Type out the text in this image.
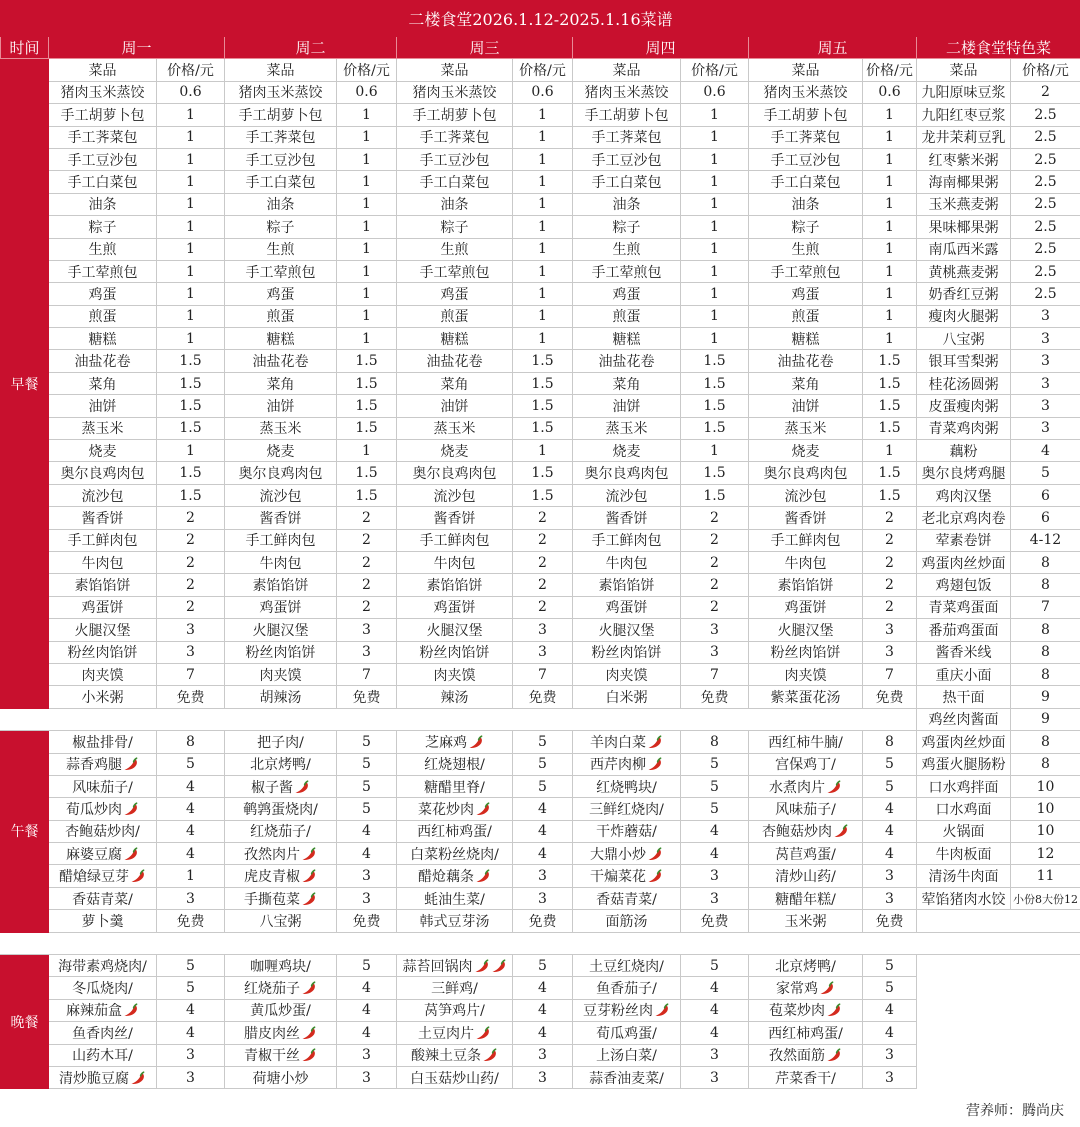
二楼食堂2026.1.12-2025.1.16菜谱												
时间	周一		周二		周三		周四		周五		二楼食堂特色菜	
早餐	菜品	价格/元	菜品	价格/元	菜品	价格/元	菜品	价格/元	菜品	价格/元	菜品	价格/元
	猪肉玉米蒸饺	0.6	猪肉玉米蒸饺	0.6	猪肉玉米蒸饺	0.6	猪肉玉米蒸饺	0.6	猪肉玉米蒸饺	0.6	九阳原味豆浆	2
	手工胡萝卜包	1	手工胡萝卜包	1	手工胡萝卜包	1	手工胡萝卜包	1	手工胡萝卜包	1	九阳红枣豆浆	2.5
	手工荠菜包	1	手工荠菜包	1	手工荠菜包	1	手工荠菜包	1	手工荠菜包	1	龙井茉莉豆乳	2.5
	手工豆沙包	1	手工豆沙包	1	手工豆沙包	1	手工豆沙包	1	手工豆沙包	1	红枣紫米粥	2.5
	手工白菜包	1	手工白菜包	1	手工白菜包	1	手工白菜包	1	手工白菜包	1	海南椰果粥	2.5
	油条	1	油条	1	油条	1	油条	1	油条	1	玉米燕麦粥	2.5
	粽子	1	粽子	1	粽子	1	粽子	1	粽子	1	果味椰果粥	2.5
	生煎	1	生煎	1	生煎	1	生煎	1	生煎	1	南瓜西米露	2.5
	手工荤煎包	1	手工荤煎包	1	手工荤煎包	1	手工荤煎包	1	手工荤煎包	1	黄桃燕麦粥	2.5
	鸡蛋	1	鸡蛋	1	鸡蛋	1	鸡蛋	1	鸡蛋	1	奶香红豆粥	2.5
	煎蛋	1	煎蛋	1	煎蛋	1	煎蛋	1	煎蛋	1	瘦肉火腿粥	3
	糖糕	1	糖糕	1	糖糕	1	糖糕	1	糖糕	1	八宝粥	3
	油盐花卷	1.5	油盐花卷	1.5	油盐花卷	1.5	油盐花卷	1.5	油盐花卷	1.5	银耳雪梨粥	3
	菜角	1.5	菜角	1.5	菜角	1.5	菜角	1.5	菜角	1.5	桂花汤圆粥	3
	油饼	1.5	油饼	1.5	油饼	1.5	油饼	1.5	油饼	1.5	皮蛋瘦肉粥	3
	蒸玉米	1.5	蒸玉米	1.5	蒸玉米	1.5	蒸玉米	1.5	蒸玉米	1.5	青菜鸡肉粥	3
	烧麦	1	烧麦	1	烧麦	1	烧麦	1	烧麦	1	藕粉	4
	奥尔良鸡肉包	1.5	奥尔良鸡肉包	1.5	奥尔良鸡肉包	1.5	奥尔良鸡肉包	1.5	奥尔良鸡肉包	1.5	奥尔良烤鸡腿	5
	流沙包	1.5	流沙包	1.5	流沙包	1.5	流沙包	1.5	流沙包	1.5	鸡肉汉堡	6
	酱香饼	2	酱香饼	2	酱香饼	2	酱香饼	2	酱香饼	2	老北京鸡肉卷	6
	手工鲜肉包	2	手工鲜肉包	2	手工鲜肉包	2	手工鲜肉包	2	手工鲜肉包	2	荤素卷饼	4-12
	牛肉包	2	牛肉包	2	牛肉包	2	牛肉包	2	牛肉包	2	鸡蛋肉丝炒面	8
	素馅馅饼	2	素馅馅饼	2	素馅馅饼	2	素馅馅饼	2	素馅馅饼	2	鸡翅包饭	8
	鸡蛋饼	2	鸡蛋饼	2	鸡蛋饼	2	鸡蛋饼	2	鸡蛋饼	2	青菜鸡蛋面	7
	火腿汉堡	3	火腿汉堡	3	火腿汉堡	3	火腿汉堡	3	火腿汉堡	3	番茄鸡蛋面	8
	粉丝肉馅饼	3	粉丝肉馅饼	3	粉丝肉馅饼	3	粉丝肉馅饼	3	粉丝肉馅饼	3	酱香米线	8
	肉夹馍	7	肉夹馍	7	肉夹馍	7	肉夹馍	7	肉夹馍	7	重庆小面	8
	小米粥	免费	胡辣汤	免费	辣汤	免费	白米粥	免费	紫菜蛋花汤	免费	热干面	9
											鸡丝肉酱面	9
午餐	椒盐排骨/	8	把子肉/	5	芝麻鸡	5	羊肉白菜	8	西红柿牛腩/	8	鸡蛋肉丝炒面	8
	蒜香鸡腿	5	北京烤鸭/	5	红烧翅根/	5	西芹肉柳	5	宫保鸡丁/	5	鸡蛋火腿肠粉	8
	风味茄子/	4	椒子酱	5	糖醋里脊/	5	红烧鸭块/	5	水煮肉片	5	口水鸡拌面	10
	荀瓜炒肉	4	鹌鹑蛋烧肉/	5	菜花炒肉	4	三鲜红烧肉/	5	风味茄子/	4	口水鸡面	10
	杏鲍菇炒肉/	4	红烧茄子/	4	西红柿鸡蛋/	4	干炸蘑菇/	4	杏鲍菇炒肉	4	火锅面	10
	麻婆豆腐	4	孜然肉片	4	白菜粉丝烧肉/	4	大鼎小炒	4	莴苣鸡蛋/	4	牛肉板面	12
	醋熗绿豆芽	1	虎皮青椒	3	醋炝藕条	3	干煸菜花	3	清炒山药/	3	清汤牛肉面	11
	香菇青菜/	3	手撕苞菜	3	蚝油生菜/	3	香菇青菜/	3	糖醋年糕/	3	荤馅猪肉水饺	小份8大份12
	萝卜羹	免费	八宝粥	免费	韩式豆芽汤	免费	面筋汤	免费	玉米粥	免费		

晚餐	海带素鸡烧肉/	5	咖喱鸡块/	5	蒜苔回锅肉	5	土豆红烧肉/	5	北京烤鸭/	5		
	冬瓜烧肉/	5	红烧茄子	4	三鲜鸡/	4	鱼香茄子/	4	家常鸡	5		
	麻辣茄盒	4	黄瓜炒蛋/	4	莴笋鸡片/	4	豆芽粉丝肉	4	苞菜炒肉	4		
	鱼香肉丝/	4	腊皮肉丝	4	土豆肉片	4	荀瓜鸡蛋/	4	西红柿鸡蛋/	4		
	山药木耳/	3	青椒干丝	3	酸辣土豆条	3	上汤白菜/	3	孜然面筋	3		
	清炒脆豆腐	3	荷塘小炒	3	白玉菇炒山药/	3	蒜香油麦菜/	3	芹菜香干/	3		
营养师：腾尚庆
